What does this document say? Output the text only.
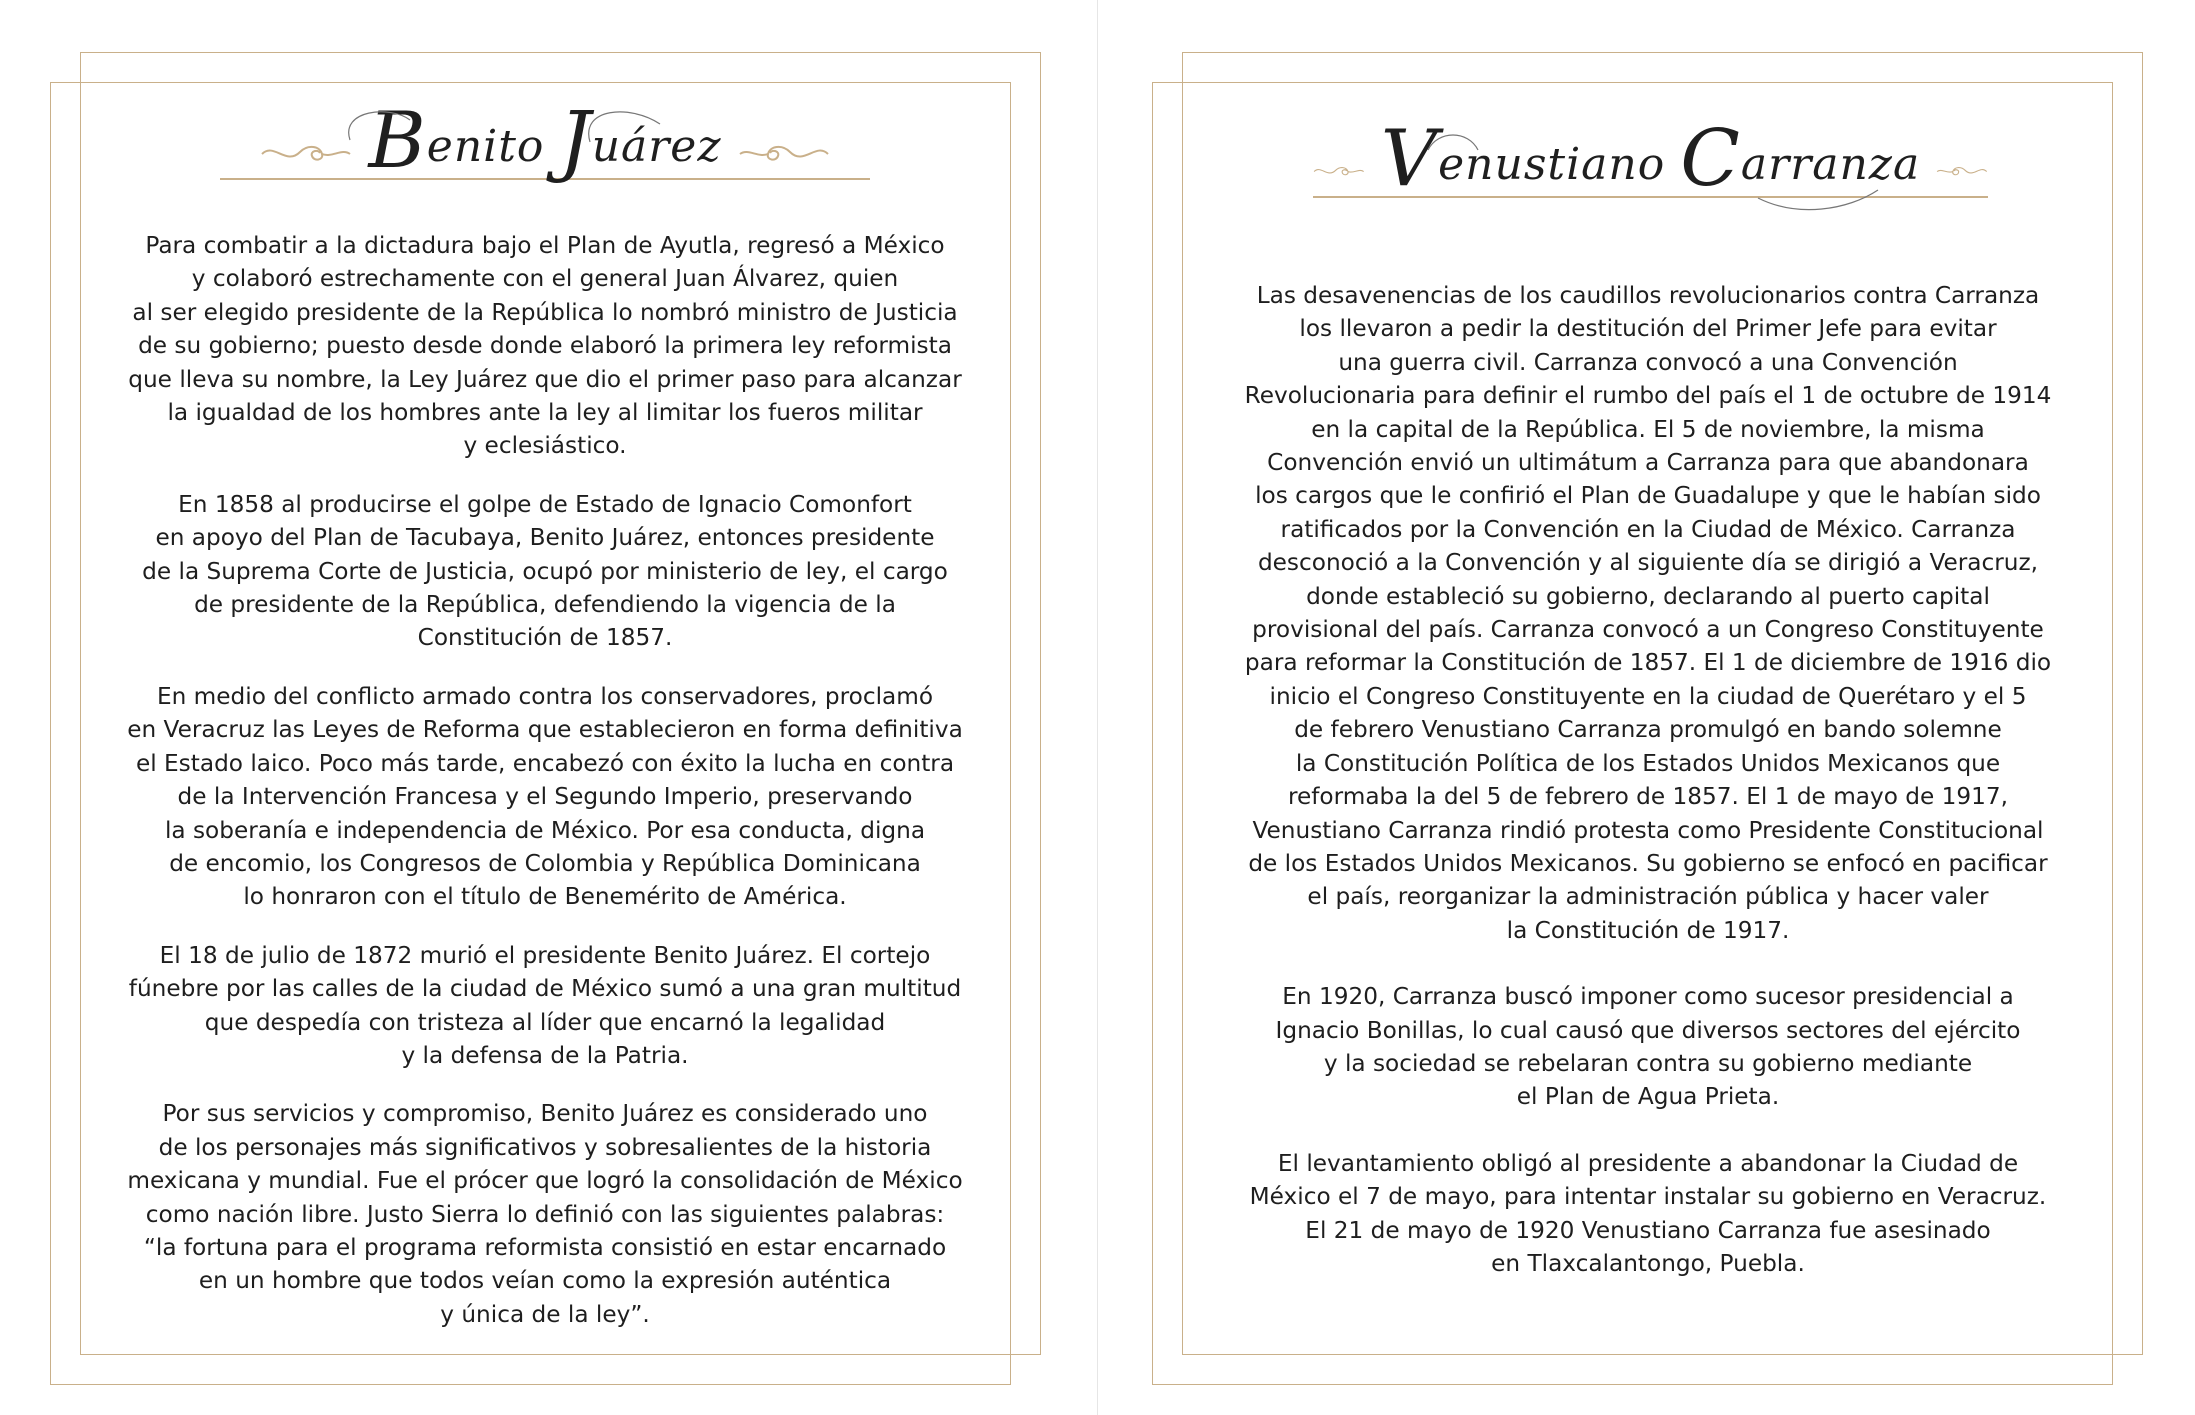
Benito Juárez

Para combatir a la dictadura bajo el Plan de Ayutla, regresó a México
y colaboró estrechamente con el general Juan Álvarez, quien
al ser elegido presidente de la República lo nombró ministro de Justicia
de su gobierno; puesto desde donde elaboró la primera ley reformista
que lleva su nombre, la Ley Juárez que dio el primer paso para alcanzar
la igualdad de los hombres ante la ley al limitar los fueros militar
y eclesiástico.

En 1858 al producirse el golpe de Estado de Ignacio Comonfort
en apoyo del Plan de Tacubaya, Benito Juárez, entonces presidente
de la Suprema Corte de Justicia, ocupó por ministerio de ley, el cargo
de presidente de la República, defendiendo la vigencia de la
Constitución de 1857.

En medio del conflicto armado contra los conservadores, proclamó
en Veracruz las Leyes de Reforma que establecieron en forma definitiva
el Estado laico. Poco más tarde, encabezó con éxito la lucha en contra
de la Intervención Francesa y el Segundo Imperio, preservando
la soberanía e independencia de México. Por esa conducta, digna
de encomio, los Congresos de Colombia y República Dominicana
lo honraron con el título de Benemérito de América.

El 18 de julio de 1872 murió el presidente Benito Juárez. El cortejo
fúnebre por las calles de la ciudad de México sumó a una gran multitud
que despedía con tristeza al líder que encarnó la legalidad
y la defensa de la Patria.

Por sus servicios y compromiso, Benito Juárez es considerado uno
de los personajes más significativos y sobresalientes de la historia
mexicana y mundial. Fue el prócer que logró la consolidación de México
como nación libre. Justo Sierra lo definió con las siguientes palabras:
“la fortuna para el programa reformista consistió en estar encarnado
en un hombre que todos veían como la expresión auténtica
y única de la ley”.

Venustiano Carranza

Las desavenencias de los caudillos revolucionarios contra Carranza
los llevaron a pedir la destitución del Primer Jefe para evitar
una guerra civil. Carranza convocó a una Convención
Revolucionaria para definir el rumbo del país el 1 de octubre de 1914
en la capital de la República. El 5 de noviembre, la misma
Convención envió un ultimátum a Carranza para que abandonara
los cargos que le confirió el Plan de Guadalupe y que le habían sido
ratificados por la Convención en la Ciudad de México. Carranza
desconoció a la Convención y al siguiente día se dirigió a Veracruz,
donde estableció su gobierno, declarando al puerto capital
provisional del país. Carranza convocó a un Congreso Constituyente
para reformar la Constitución de 1857. El 1 de diciembre de 1916 dio
inicio el Congreso Constituyente en la ciudad de Querétaro y el 5
de febrero Venustiano Carranza promulgó en bando solemne
la Constitución Política de los Estados Unidos Mexicanos que
reformaba la del 5 de febrero de 1857. El 1 de mayo de 1917,
Venustiano Carranza rindió protesta como Presidente Constitucional
de los Estados Unidos Mexicanos. Su gobierno se enfocó en pacificar
el país, reorganizar la administración pública y hacer valer
la Constitución de 1917.

En 1920, Carranza buscó imponer como sucesor presidencial a
Ignacio Bonillas, lo cual causó que diversos sectores del ejército
y la sociedad se rebelaran contra su gobierno mediante
el Plan de Agua Prieta.

El levantamiento obligó al presidente a abandonar la Ciudad de
México el 7 de mayo, para intentar instalar su gobierno en Veracruz.
El 21 de mayo de 1920 Venustiano Carranza fue asesinado
en Tlaxcalantongo, Puebla.
